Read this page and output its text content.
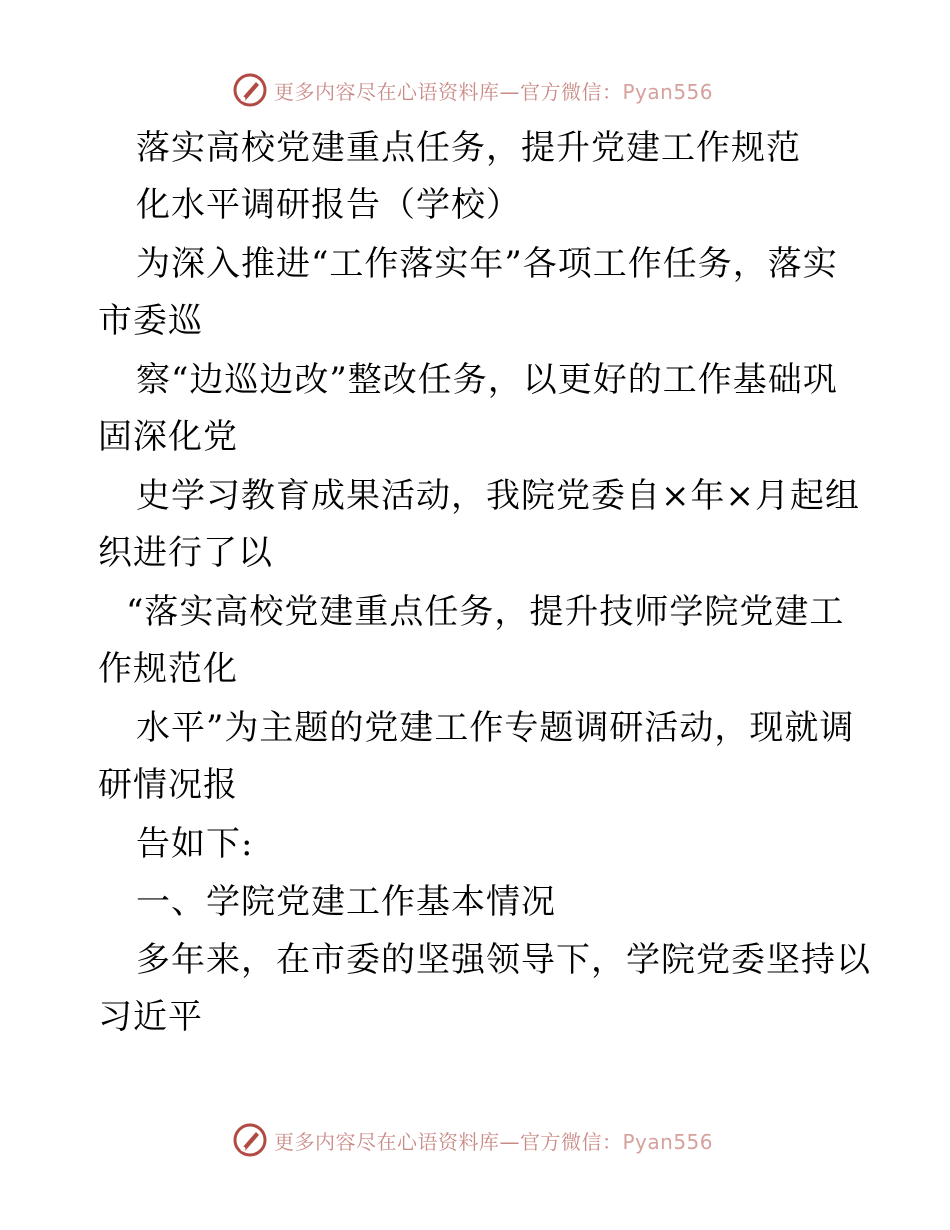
更多内容尽在心语资料库—官方微信：Pyan556
落实高校党建重点任务，提升党建工作规范
化水平调研报告（学校）
为深入推进“工作落实年”各项工作任务，落实
市委巡
察“边巡边改”整改任务，以更好的工作基础巩
固深化党
史学习教育成果活动，我院党委自×年×月起组
织进行了以
“落实高校党建重点任务，提升技师学院党建工
作规范化
水平”为主题的党建工作专题调研活动，现就调
研情况报
告如下:
一、学院党建工作基本情况
多年来，在市委的坚强领导下，学院党委坚持以
习近平
更多内容尽在心语资料库—官方微信：Pyan556
